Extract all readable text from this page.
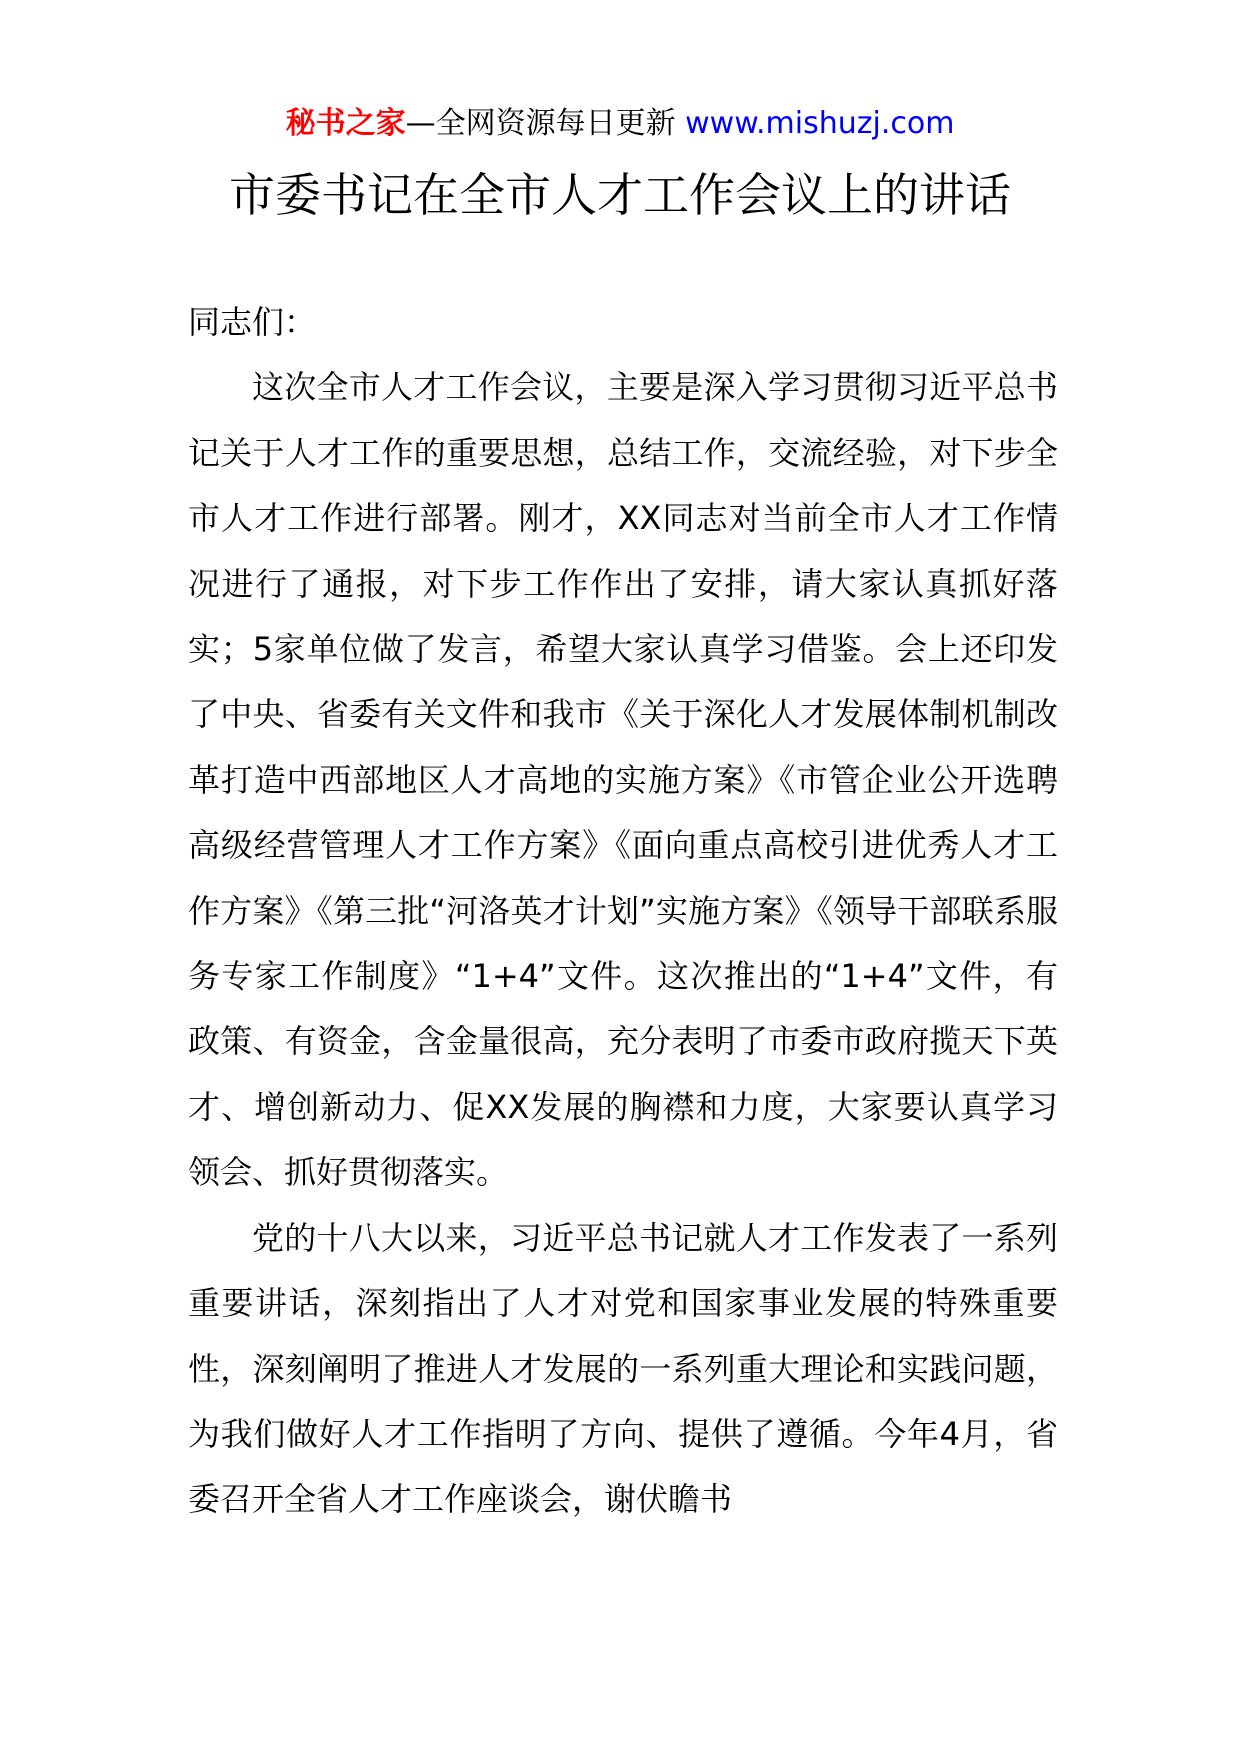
秘书之家—全网资源每日更新 www.mishuzj.com
市委书记在全市人才工作会议上的讲话

同志们：

这次全市人才工作会议，主要是深入学习贯彻习近平总书记关于人才工作的重要思想，总结工作，交流经验，对下步全市人才工作进行部署。刚才，XX同志对当前全市人才工作情况进行了通报，对下步工作作出了安排，请大家认真抓好落实；5家单位做了发言，希望大家认真学习借鉴。会上还印发了中央、省委有关文件和我市《关于深化人才发展体制机制改革打造中西部地区人才高地的实施方案》《市管企业公开选聘高级经营管理人才工作方案》《面向重点高校引进优秀人才工作方案》《第三批“河洛英才计划”实施方案》《领导干部联系服务专家工作制度》“1+4”文件。这次推出的“1+4”文件，有政策、有资金，含金量很高，充分表明了市委市政府揽天下英才、增创新动力、促XX发展的胸襟和力度，大家要认真学习领会、抓好贯彻落实。

党的十八大以来，习近平总书记就人才工作发表了一系列重要讲话，深刻指出了人才对党和国家事业发展的特殊重要性，深刻阐明了推进人才发展的一系列重大理论和实践问题，为我们做好人才工作指明了方向、提供了遵循。今年4月，省委召开全省人才工作座谈会，谢伏瞻书
